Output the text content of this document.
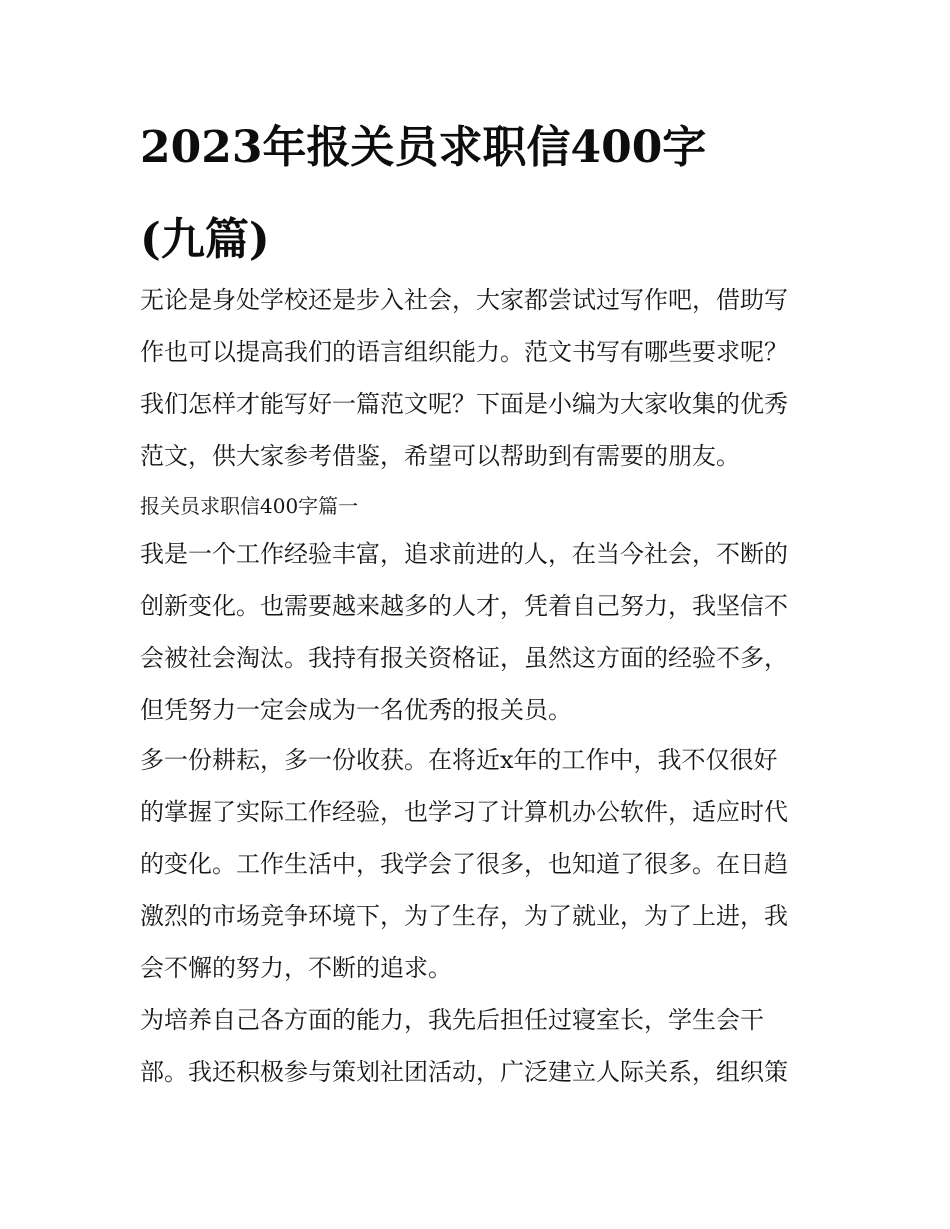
2023年报关员求职信400字
(九篇)
无论是身处学校还是步入社会，大家都尝试过写作吧，借助写
作也可以提高我们的语言组织能力。范文书写有哪些要求呢？
我们怎样才能写好一篇范文呢？下面是小编为大家收集的优秀
范文，供大家参考借鉴，希望可以帮助到有需要的朋友。
报关员求职信400字篇一
我是一个工作经验丰富，追求前进的人，在当今社会，不断的
创新变化。也需要越来越多的人才，凭着自己努力，我坚信不
会被社会淘汰。我持有报关资格证，虽然这方面的经验不多，
但凭努力一定会成为一名优秀的报关员。
多一份耕耘，多一份收获。在将近x年的工作中，我不仅很好
的掌握了实际工作经验，也学习了计算机办公软件，适应时代
的变化。工作生活中，我学会了很多，也知道了很多。在日趋
激烈的市场竞争环境下，为了生存，为了就业，为了上进，我
会不懈的努力，不断的追求。
为培养自己各方面的能力，我先后担任过寝室长，学生会干
部。我还积极参与策划社团活动，广泛建立人际关系，组织策
